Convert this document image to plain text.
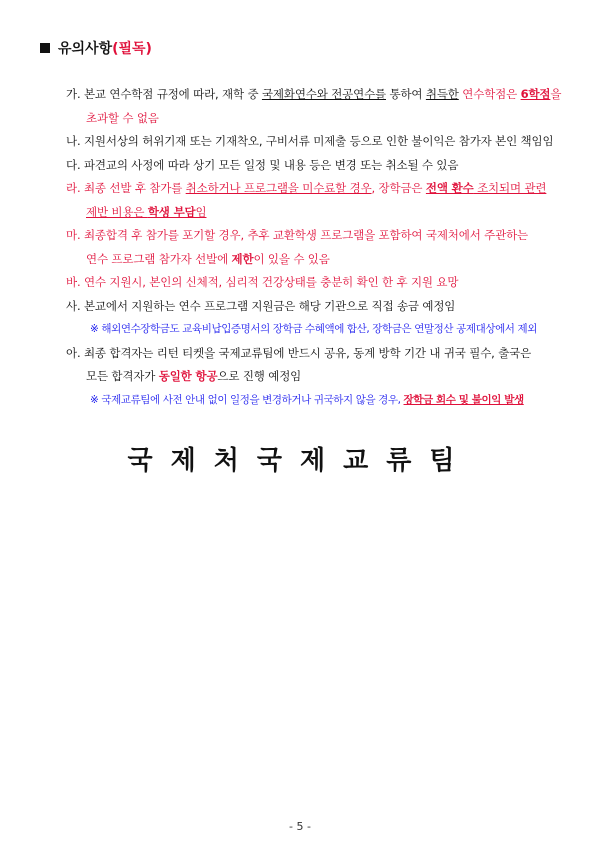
유의사항(필독)
가. 본교 연수학점 규정에 따라, 재학 중 국제화연수와 전공연수를 통하여 취득한 연수학점은 6학점을
초과할 수 없음
나. 지원서상의 허위기재 또는 기재착오, 구비서류 미제출 등으로 인한 불이익은 참가자 본인 책임임
다. 파견교의 사정에 따라 상기 모든 일정 및 내용 등은 변경 또는 취소될 수 있음
라. 최종 선발 후 참가를 취소하거나 프로그램을 미수료할 경우, 장학금은 전액 환수 조치되며 관련
제반 비용은 학생 부담임
마. 최종합격 후 참가를 포기할 경우, 추후 교환학생 프로그램을 포함하여 국제처에서 주관하는
연수 프로그램 참가자 선발에 제한이 있을 수 있음
바. 연수 지원시, 본인의 신체적, 심리적 건강상태를 충분히 확인 한 후 지원 요망
사. 본교에서 지원하는 연수 프로그램 지원금은 해당 기관으로 직접 송금 예정임
※ 해외연수장학금도 교육비납입증명서의 장학금 수혜액에 합산, 장학금은 연말정산 공제대상에서 제외
아. 최종 합격자는 리턴 티켓을 국제교류팀에 반드시 공유, 동계 방학 기간 내 귀국 필수, 출국은
모든 합격자가 동일한 항공으로 진행 예정임
※ 국제교류팀에 사전 안내 없이 일정을 변경하거나 귀국하지 않을 경우, 장학금 회수 및 불이익 발생
국제처국제교류팀
- 5 -
